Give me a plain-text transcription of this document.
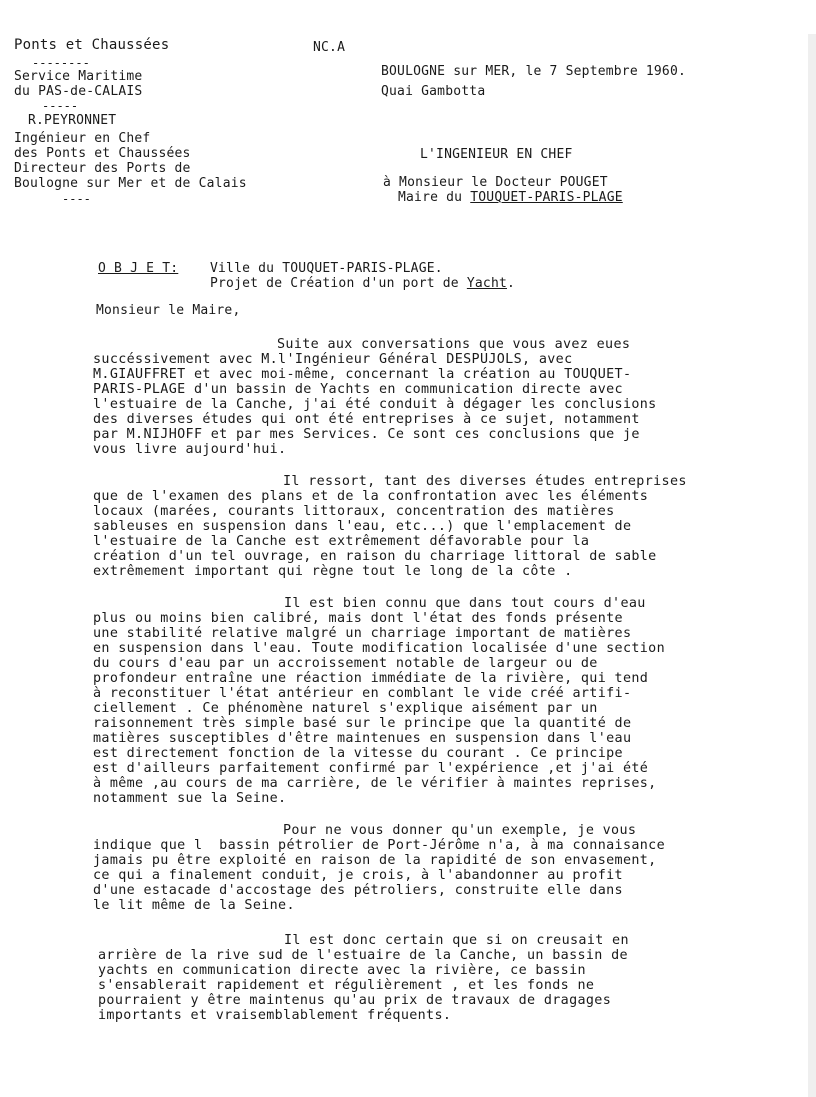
Ponts et Chaussées
--------
Service Maritime
du PAS-de-CALAIS
-----
R.PEYRONNET
Ingénieur en Chef
des Ponts et Chaussées
Directeur des Ports de
Boulogne sur Mer et de Calais
----
NC.A
BOULOGNE sur MER, le 7 Septembre 1960.
Quai Gambotta
L'INGENIEUR EN CHEF
à Monsieur le Docteur POUGET
Maire du TOUQUET-PARIS-PLAGE
O B J E T: Ville du TOUQUET-PARIS-PLAGE.
Projet de Création d'un port de Yacht.
Monsieur le Maire,
Suite aux conversations que vous avez eues
succéssivement avec M.l'Ingénieur Général DESPUJOLS, avec
M.GIAUFFRET et avec moi-même, concernant la création au TOUQUET-
PARIS-PLAGE d'un bassin de Yachts en communication directe avec
l'estuaire de la Canche, j'ai été conduit à dégager les conclusions
des diverses études qui ont été entreprises à ce sujet, notamment
par M.NIJHOFF et par mes Services. Ce sont ces conclusions que je
vous livre aujourd'hui.
Il ressort, tant des diverses études entreprises
que de l'examen des plans et de la confrontation avec les éléments
locaux (marées, courants littoraux, concentration des matières
sableuses en suspension dans l'eau, etc...) que l'emplacement de
l'estuaire de la Canche est extrêmement défavorable pour la
création d'un tel ouvrage, en raison du charriage littoral de sable
extrêmement important qui règne tout le long de la côte .
Il est bien connu que dans tout cours d'eau
plus ou moins bien calibré, mais dont l'état des fonds présente
une stabilité relative malgré un charriage important de matières
en suspension dans l'eau. Toute modification localisée d'une section
du cours d'eau par un accroissement notable de largeur ou de
profondeur entraîne une réaction immédiate de la rivière, qui tend
à reconstituer l'état antérieur en comblant le vide créé artifi-
ciellement . Ce phénomène naturel s'explique aisément par un
raisonnement très simple basé sur le principe que la quantité de
matières susceptibles d'être maintenues en suspension dans l'eau
est directement fonction de la vitesse du courant . Ce principe
est d'ailleurs parfaitement confirmé par l'expérience ,et j'ai été
à même ,au cours de ma carrière, de le vérifier à maintes reprises,
notamment sue la Seine.
Pour ne vous donner qu'un exemple, je vous
indique que l  bassin pétrolier de Port-Jérôme n'a, à ma connaisance
jamais pu être exploité en raison de la rapidité de son envasement,
ce qui a finalement conduit, je crois, à l'abandonner au profit
d'une estacade d'accostage des pétroliers, construite elle dans
le lit même de la Seine.
Il est donc certain que si on creusait en
arrière de la rive sud de l'estuaire de la Canche, un bassin de
yachts en communication directe avec la rivière, ce bassin
s'ensablerait rapidement et régulièrement , et les fonds ne
pourraient y être maintenus qu'au prix de travaux de dragages
importants et vraisemblablement fréquents.
